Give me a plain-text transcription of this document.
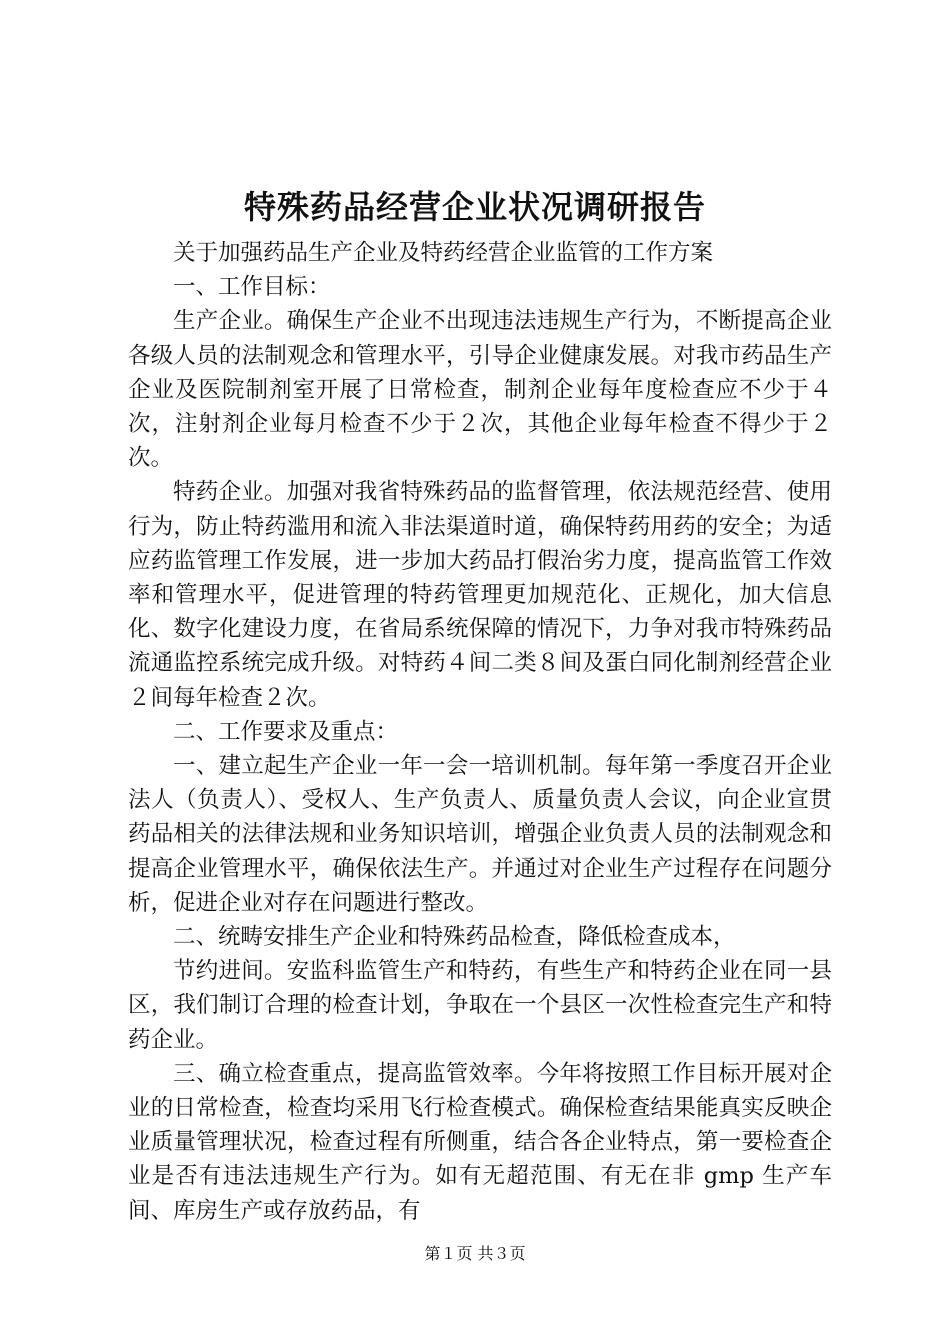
特殊药品经营企业状况调研报告

关于加强药品生产企业及特药经营企业监管的工作方案

一、工作目标：

生产企业。确保生产企业不出现违法违规生产行为，不断提高企业各级人员的法制观念和管理水平，引导企业健康发展。对我市药品生产企业及医院制剂室开展了日常检查，制剂企业每年度检查应不少于４次，注射剂企业每月检查不少于２次，其他企业每年检查不得少于２次。

特药企业。加强对我省特殊药品的监督管理，依法规范经营、使用行为，防止特药滥用和流入非法渠道时道，确保特药用药的安全；为适应药监管理工作发展，进一步加大药品打假治劣力度，提高监管工作效率和管理水平，促进管理的特药管理更加规范化、正规化，加大信息化、数字化建设力度，在省局系统保障的情况下，力争对我市特殊药品流通监控系统完成升级。对特药４间二类８间及蛋白同化制剂经营企业２间每年检查２次。

二、工作要求及重点：

一、建立起生产企业一年一会一培训机制。每年第一季度召开企业法人（负责人）、受权人、生产负责人、质量负责人会议，向企业宣贯药品相关的法律法规和业务知识培训，增强企业负责人员的法制观念和提高企业管理水平，确保依法生产。并通过对企业生产过程存在问题分析，促进企业对存在问题进行整改。

二、统畴安排生产企业和特殊药品检查，降低检查成本，

节约进间。安监科监管生产和特药，有些生产和特药企业在同一县区，我们制订合理的检查计划，争取在一个县区一次性检查完生产和特药企业。

三、确立检查重点，提高监管效率。今年将按照工作目标开展对企业的日常检查，检查均采用飞行检查模式。确保检查结果能真实反映企业质量管理状况，检查过程有所侧重，结合各企业特点，第一要检查企业是否有违法违规生产行为。如有无超范围、有无在非 gmp 生产车间、库房生产或存放药品，有

第１页 共３页
